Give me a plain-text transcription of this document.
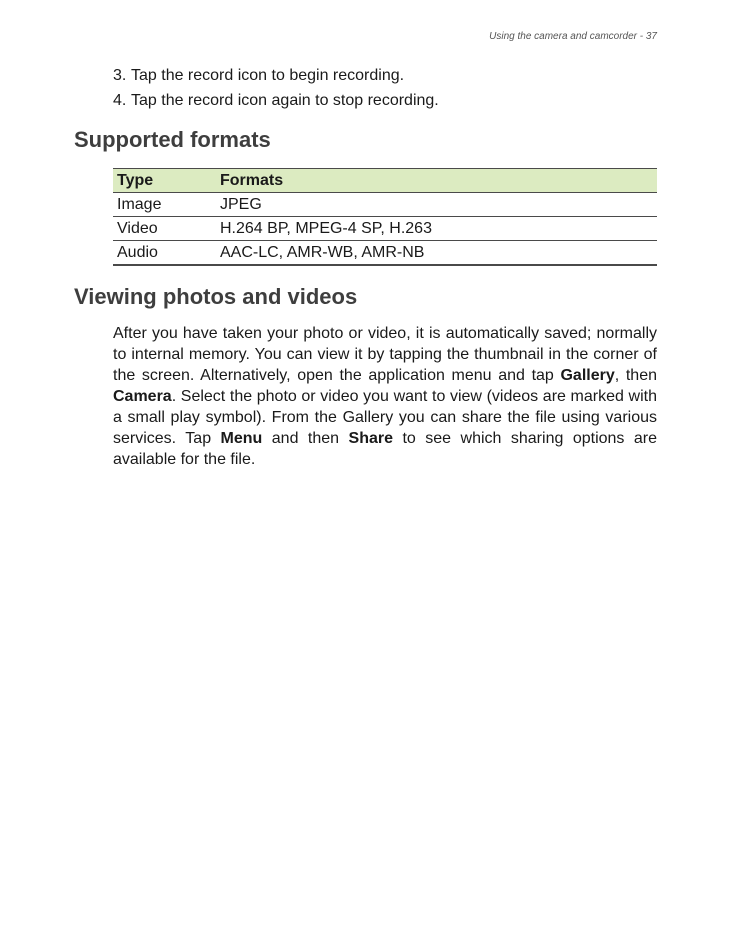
Using the camera and camcorder - 37
3. Tap the record icon to begin recording.
4. Tap the record icon again to stop recording.
Supported formats
Type	Formats
Image	JPEG
Video	H.264 BP, MPEG-4 SP, H.263
Audio	AAC-LC, AMR-WB, AMR-NB
Viewing photos and videos

After you have taken your photo or video, it is automatically saved; normally to internal memory. You can view it by tapping the thumbnail in the corner of the screen. Alternatively, open the application menu and tap Gallery, then Camera. Select the photo or video you want to view (videos are marked with a small play symbol). From the Gallery you can share the file using various services. Tap Menu and then Share to see which sharing options are available for the file.
